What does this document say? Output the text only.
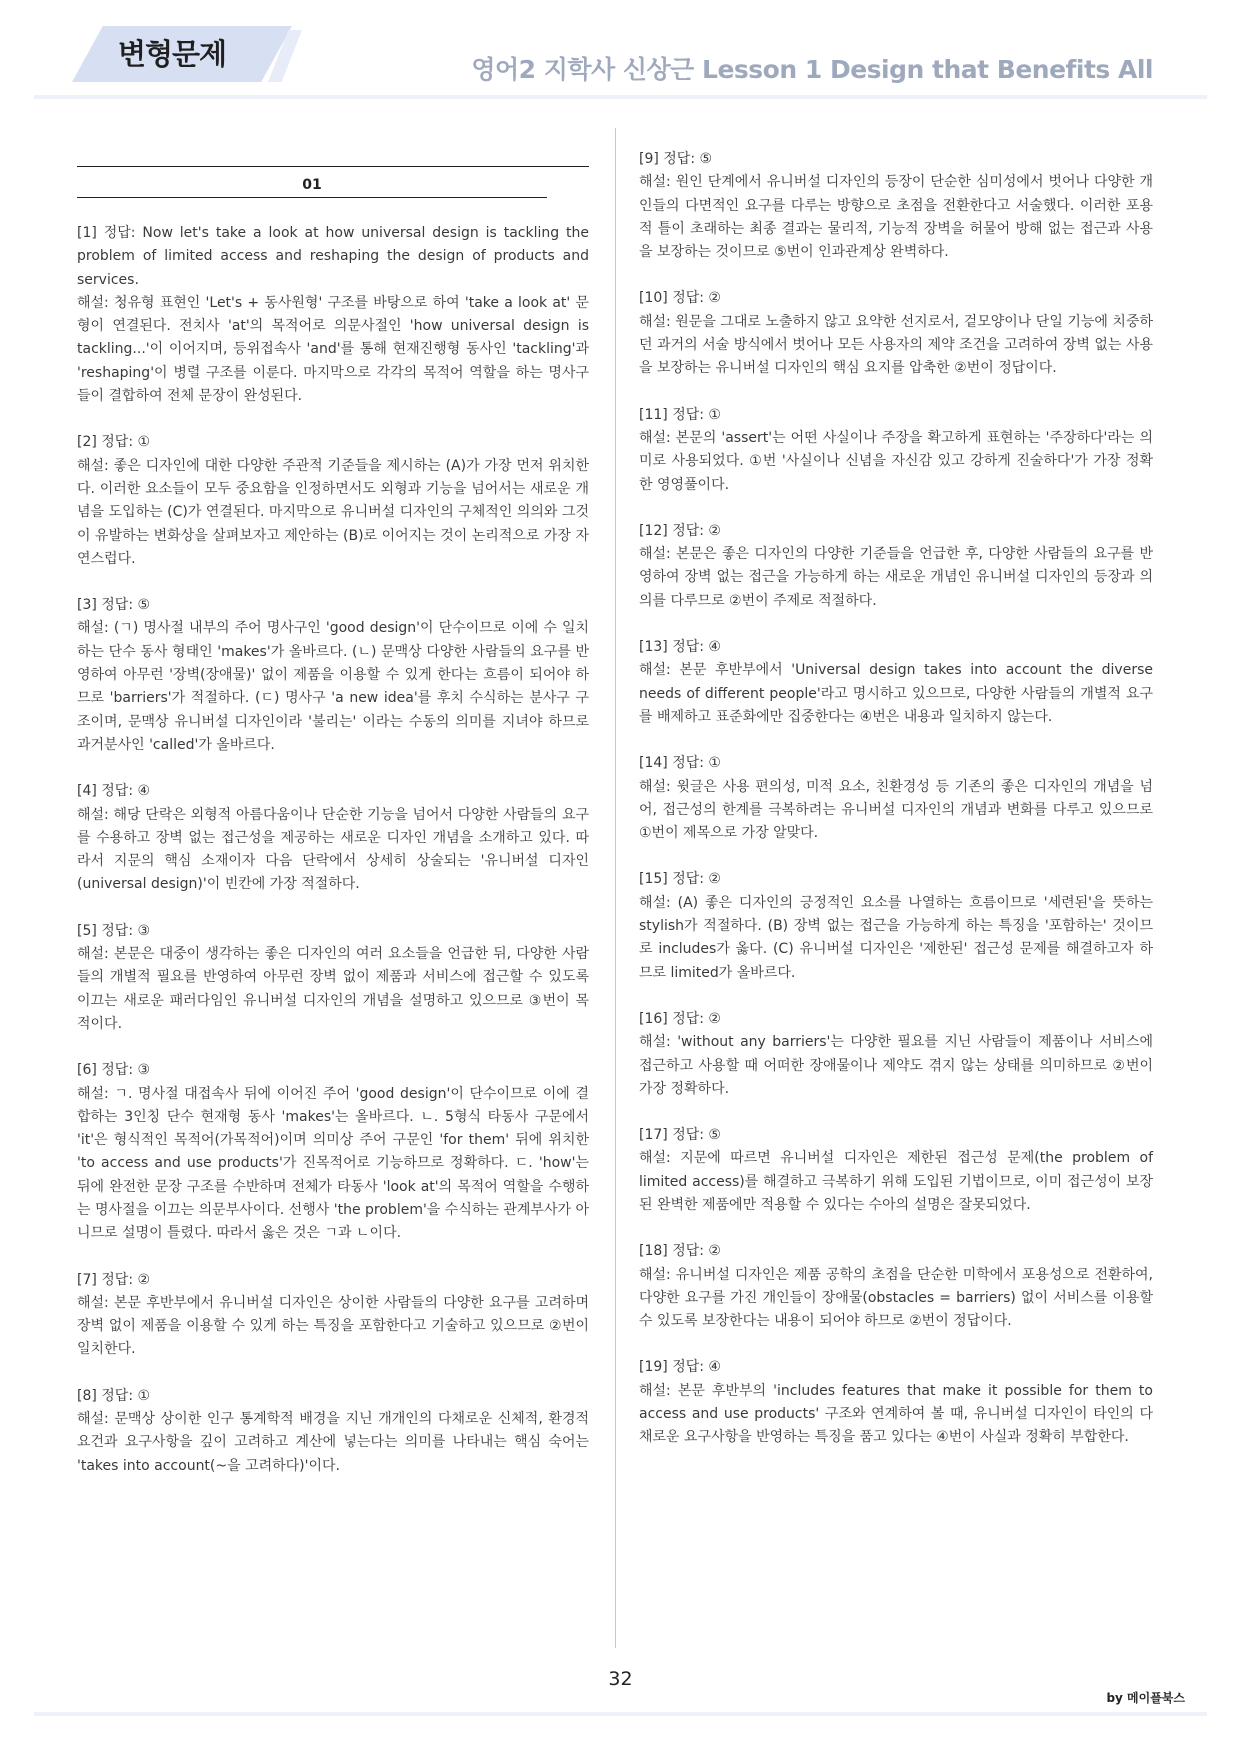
변형문제	영어2 지학사 신상근 Lesson 1 Design that Benefits All
01

[1] 정답: Now let's take a look at how universal design is tackling the problem of limited access and reshaping the design of products and services.

해설: 청유형 표현인 'Let's + 동사원형' 구조를 바탕으로 하여 'take a look at' 문형이 연결된다. 전치사 'at'의 목적어로 의문사절인 'how universal design is tackling...'이 이어지며, 등위접속사 'and'를 통해 현재진행형 동사인 'tackling'과 'reshaping'이 병렬 구조를 이룬다. 마지막으로 각각의 목적어 역할을 하는 명사구들이 결합하여 전체 문장이 완성된다.

[2] 정답: ①

해설: 좋은 디자인에 대한 다양한 주관적 기준들을 제시하는 (A)가 가장 먼저 위치한다. 이러한 요소들이 모두 중요함을 인정하면서도 외형과 기능을 넘어서는 새로운 개념을 도입하는 (C)가 연결된다. 마지막으로 유니버설 디자인의 구체적인 의의와 그것이 유발하는 변화상을 살펴보자고 제안하는 (B)로 이어지는 것이 논리적으로 가장 자연스럽다.

[3] 정답: ⑤

해설: (ㄱ) 명사절 내부의 주어 명사구인 'good design'이 단수이므로 이에 수 일치하는 단수 동사 형태인 'makes'가 올바르다. (ㄴ) 문맥상 다양한 사람들의 요구를 반영하여 아무런 '장벽(장애물)' 없이 제품을 이용할 수 있게 한다는 흐름이 되어야 하므로 'barriers'가 적절하다. (ㄷ) 명사구 'a new idea'를 후치 수식하는 분사구 구조이며, 문맥상 유니버설 디자인이라 '불리는' 이라는 수동의 의미를 지녀야 하므로 과거분사인 'called'가 올바르다.

[4] 정답: ④

해설: 해당 단락은 외형적 아름다움이나 단순한 기능을 넘어서 다양한 사람들의 요구를 수용하고 장벽 없는 접근성을 제공하는 새로운 디자인 개념을 소개하고 있다. 따라서 지문의 핵심 소재이자 다음 단락에서 상세히 상술되는 '유니버설 디자인(universal design)'이 빈칸에 가장 적절하다.

[5] 정답: ③

해설: 본문은 대중이 생각하는 좋은 디자인의 여러 요소들을 언급한 뒤, 다양한 사람들의 개별적 필요를 반영하여 아무런 장벽 없이 제품과 서비스에 접근할 수 있도록 이끄는 새로운 패러다임인 유니버설 디자인의 개념을 설명하고 있으므로 ③번이 목적이다.

[6] 정답: ③

해설: ㄱ. 명사절 대접속사 뒤에 이어진 주어 'good design'이 단수이므로 이에 결합하는 3인칭 단수 현재형 동사 'makes'는 올바르다. ㄴ. 5형식 타동사 구문에서 'it'은 형식적인 목적어(가목적어)이며 의미상 주어 구문인 'for them' 뒤에 위치한 'to access and use products'가 진목적어로 기능하므로 정확하다. ㄷ. 'how'는 뒤에 완전한 문장 구조를 수반하며 전체가 타동사 'look at'의 목적어 역할을 수행하는 명사절을 이끄는 의문부사이다. 선행사 'the problem'을 수식하는 관계부사가 아니므로 설명이 틀렸다. 따라서 옳은 것은 ㄱ과 ㄴ이다.

[7] 정답: ②

해설: 본문 후반부에서 유니버설 디자인은 상이한 사람들의 다양한 요구를 고려하며 장벽 없이 제품을 이용할 수 있게 하는 특징을 포함한다고 기술하고 있으므로 ②번이 일치한다.

[8] 정답: ①

해설: 문맥상 상이한 인구 통계학적 배경을 지닌 개개인의 다채로운 신체적, 환경적 요건과 요구사항을 깊이 고려하고 계산에 넣는다는 의미를 나타내는 핵심 숙어는 'takes into account(~을 고려하다)'이다.

[9] 정답: ⑤

해설: 원인 단계에서 유니버설 디자인의 등장이 단순한 심미성에서 벗어나 다양한 개인들의 다면적인 요구를 다루는 방향으로 초점을 전환한다고 서술했다. 이러한 포용적 틀이 초래하는 최종 결과는 물리적, 기능적 장벽을 허물어 방해 없는 접근과 사용을 보장하는 것이므로 ⑤번이 인과관계상 완벽하다.

[10] 정답: ②

해설: 원문을 그대로 노출하지 않고 요약한 선지로서, 겉모양이나 단일 기능에 치중하던 과거의 서술 방식에서 벗어나 모든 사용자의 제약 조건을 고려하여 장벽 없는 사용을 보장하는 유니버설 디자인의 핵심 요지를 압축한 ②번이 정답이다.

[11] 정답: ①

해설: 본문의 'assert'는 어떤 사실이나 주장을 확고하게 표현하는 '주장하다'라는 의미로 사용되었다. ①번 '사실이나 신념을 자신감 있고 강하게 진술하다'가 가장 정확한 영영풀이다.

[12] 정답: ②

해설: 본문은 좋은 디자인의 다양한 기준들을 언급한 후, 다양한 사람들의 요구를 반영하여 장벽 없는 접근을 가능하게 하는 새로운 개념인 유니버설 디자인의 등장과 의의를 다루므로 ②번이 주제로 적절하다.

[13] 정답: ④

해설: 본문 후반부에서 'Universal design takes into account the diverse needs of different people'라고 명시하고 있으므로, 다양한 사람들의 개별적 요구를 배제하고 표준화에만 집중한다는 ④번은 내용과 일치하지 않는다.

[14] 정답: ①

해설: 윗글은 사용 편의성, 미적 요소, 친환경성 등 기존의 좋은 디자인의 개념을 넘어, 접근성의 한계를 극복하려는 유니버설 디자인의 개념과 변화를 다루고 있으므로 ①번이 제목으로 가장 알맞다.

[15] 정답: ②

해설: (A) 좋은 디자인의 긍정적인 요소를 나열하는 흐름이므로 '세련된'을 뜻하는 stylish가 적절하다. (B) 장벽 없는 접근을 가능하게 하는 특징을 '포함하는' 것이므로 includes가 옳다. (C) 유니버설 디자인은 '제한된' 접근성 문제를 해결하고자 하므로 limited가 올바르다.

[16] 정답: ②

해설: 'without any barriers'는 다양한 필요를 지닌 사람들이 제품이나 서비스에 접근하고 사용할 때 어떠한 장애물이나 제약도 겪지 않는 상태를 의미하므로 ②번이 가장 정확하다.

[17] 정답: ⑤

해설: 지문에 따르면 유니버설 디자인은 제한된 접근성 문제(the problem of limited access)를 해결하고 극복하기 위해 도입된 기법이므로, 이미 접근성이 보장된 완벽한 제품에만 적용할 수 있다는 수아의 설명은 잘못되었다.

[18] 정답: ②

해설: 유니버설 디자인은 제품 공학의 초점을 단순한 미학에서 포용성으로 전환하여, 다양한 요구를 가진 개인들이 장애물(obstacles = barriers) 없이 서비스를 이용할 수 있도록 보장한다는 내용이 되어야 하므로 ②번이 정답이다.

[19] 정답: ④

해설: 본문 후반부의 'includes features that make it possible for them to access and use products' 구조와 연계하여 볼 때, 유니버설 디자인이 타인의 다채로운 요구사항을 반영하는 특징을 품고 있다는 ④번이 사실과 정확히 부합한다.

32
by 메이플북스
